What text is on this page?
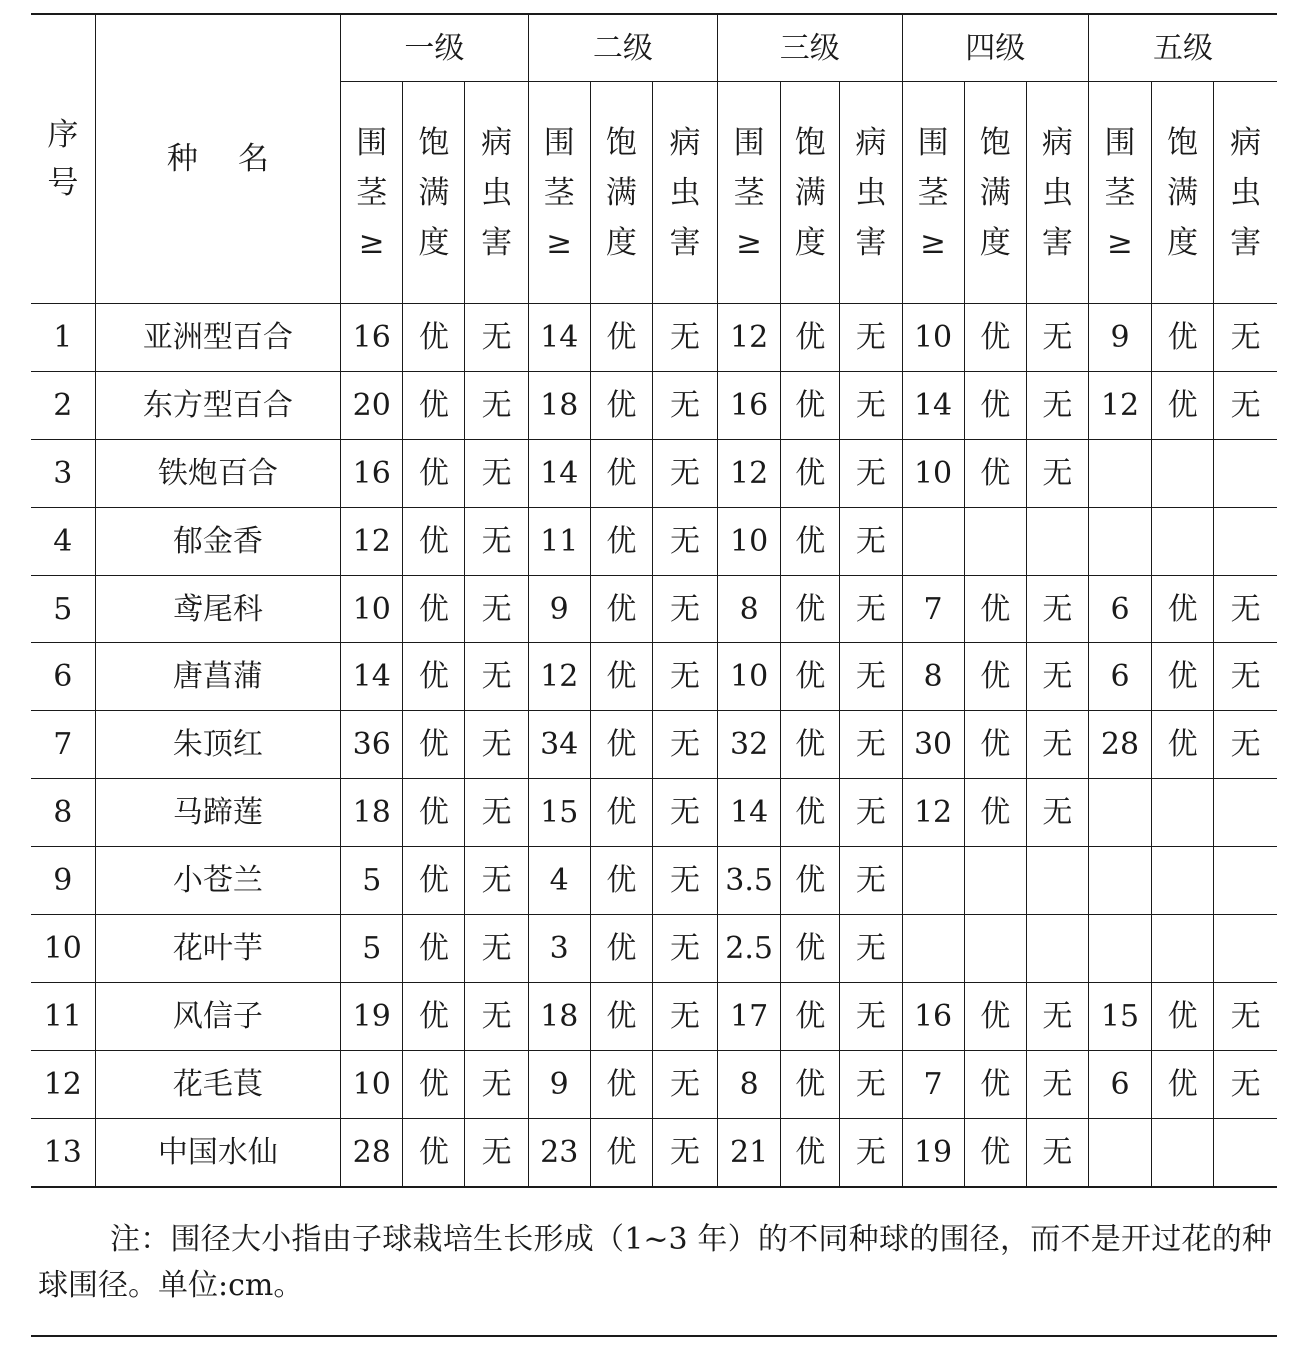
序号	种名	一级			二级			三级			四级			五级		
		围茎≥	饱满度	病虫害	围茎≥	饱满度	病虫害	围茎≥	饱满度	病虫害	围茎≥	饱满度	病虫害	围茎≥	饱满度	病虫害
1	亚洲型百合	16	优	无	14	优	无	12	优	无	10	优	无	9	优	无
2	东方型百合	20	优	无	18	优	无	16	优	无	14	优	无	12	优	无
3	铁炮百合	16	优	无	14	优	无	12	优	无	10	优	无			
4	郁金香	12	优	无	11	优	无	10	优	无						
5	鸢尾科	10	优	无	9	优	无	8	优	无	7	优	无	6	优	无
6	唐菖蒲	14	优	无	12	优	无	10	优	无	8	优	无	6	优	无
7	朱顶红	36	优	无	34	优	无	32	优	无	30	优	无	28	优	无
8	马蹄莲	18	优	无	15	优	无	14	优	无	12	优	无			
9	小苍兰	5	优	无	4	优	无	3.5	优	无						
10	花叶芋	5	优	无	3	优	无	2.5	优	无						
11	风信子	19	优	无	18	优	无	17	优	无	16	优	无	15	优	无
12	花毛茛	10	优	无	9	优	无	8	优	无	7	优	无	6	优	无
13	中国水仙	28	优	无	23	优	无	21	优	无	19	优	无			

注：围径大小指由子球栽培生长形成（1~3 年）的不同种球的围径，而不是开过花的种球围径。单位:cm。
